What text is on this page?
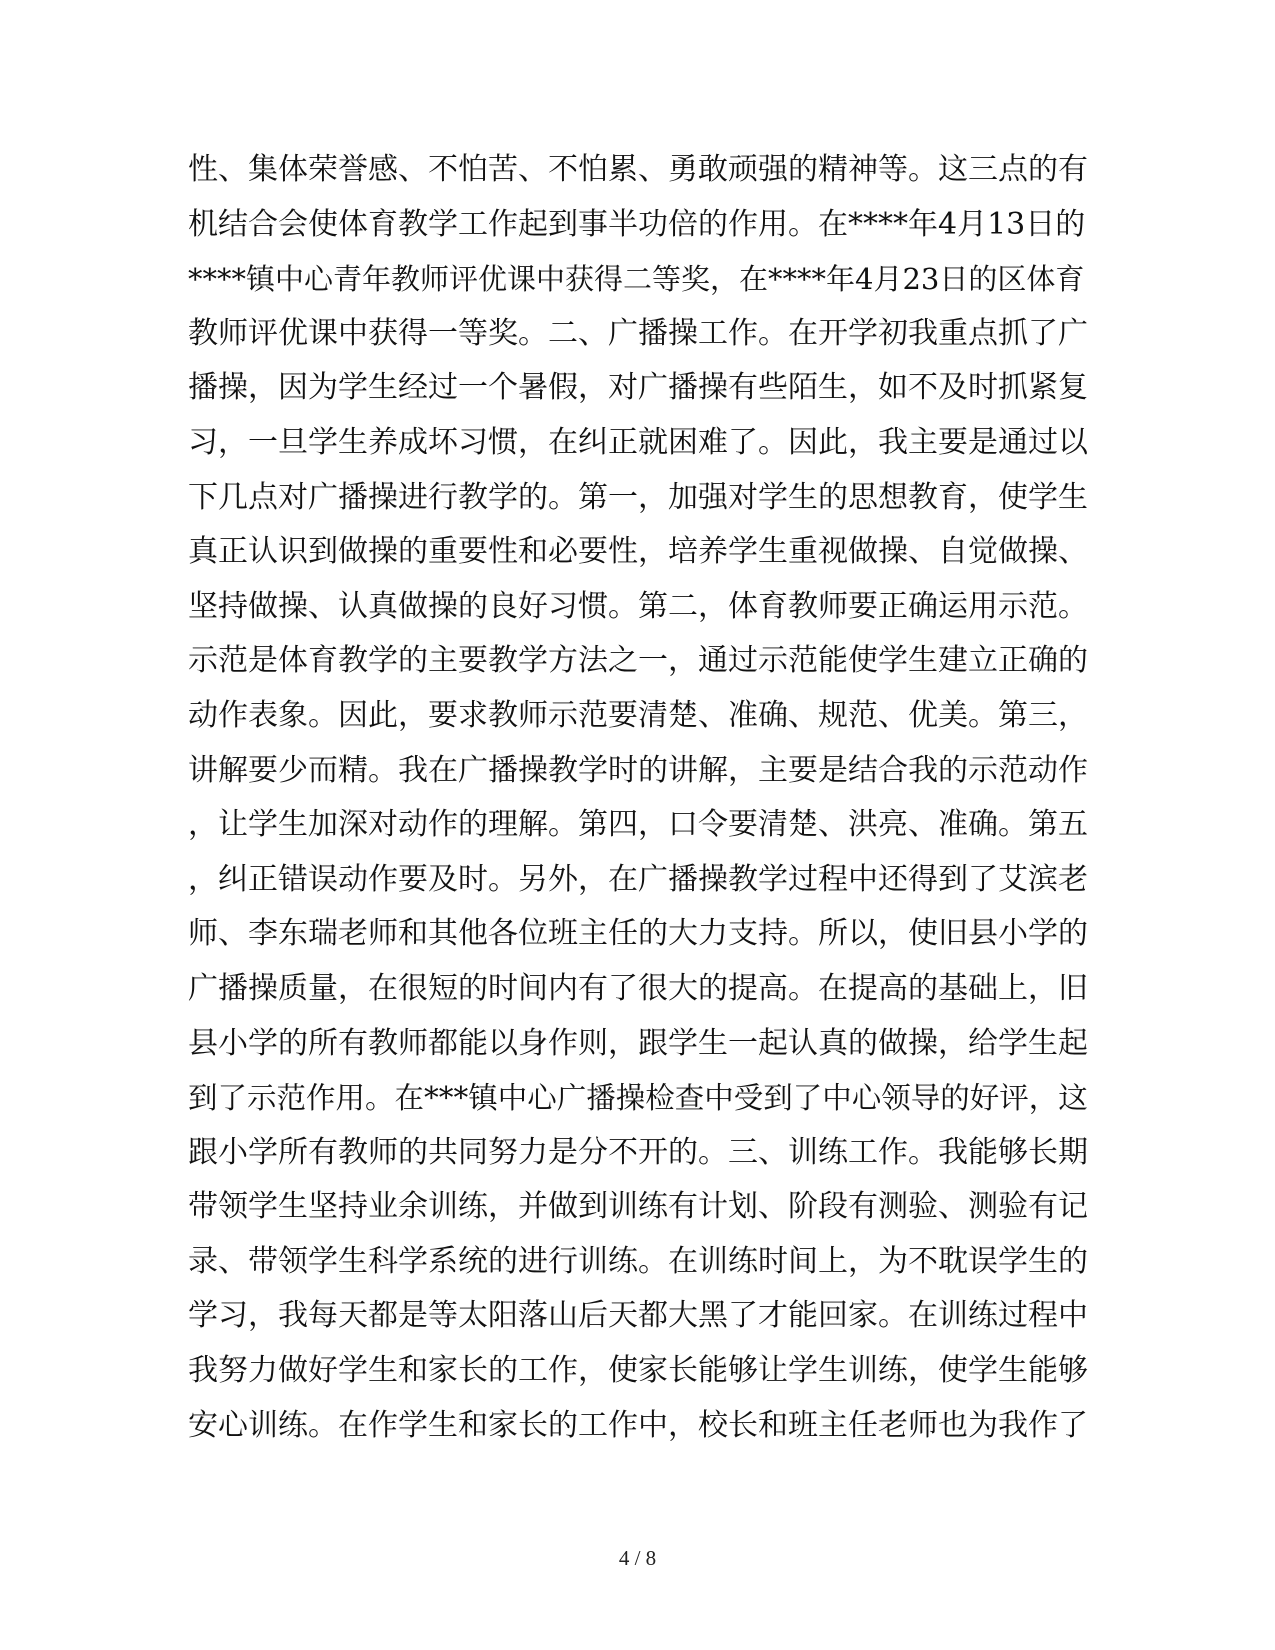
性、集体荣誉感、不怕苦、不怕累、勇敢顽强的精神等。这三点的有
机结合会使体育教学工作起到事半功倍的作用。在****年4月13日的
****镇中心青年教师评优课中获得二等奖，在****年4月23日的区体育
教师评优课中获得一等奖。二、广播操工作。在开学初我重点抓了广
播操，因为学生经过一个暑假，对广播操有些陌生，如不及时抓紧复
习，一旦学生养成坏习惯，在纠正就困难了。因此，我主要是通过以
下几点对广播操进行教学的。第一，加强对学生的思想教育，使学生
真正认识到做操的重要性和必要性，培养学生重视做操、自觉做操、
坚持做操、认真做操的良好习惯。第二，体育教师要正确运用示范。
示范是体育教学的主要教学方法之一，通过示范能使学生建立正确的
动作表象。因此，要求教师示范要清楚、准确、规范、优美。第三，
讲解要少而精。我在广播操教学时的讲解，主要是结合我的示范动作
，让学生加深对动作的理解。第四，口令要清楚、洪亮、准确。第五
，纠正错误动作要及时。另外，在广播操教学过程中还得到了艾滨老
师、李东瑞老师和其他各位班主任的大力支持。所以，使旧县小学的
广播操质量，在很短的时间内有了很大的提高。在提高的基础上，旧
县小学的所有教师都能以身作则，跟学生一起认真的做操，给学生起
到了示范作用。在***镇中心广播操检查中受到了中心领导的好评，这
跟小学所有教师的共同努力是分不开的。三、训练工作。我能够长期
带领学生坚持业余训练，并做到训练有计划、阶段有测验、测验有记
录、带领学生科学系统的进行训练。在训练时间上，为不耽误学生的
学习，我每天都是等太阳落山后天都大黑了才能回家。在训练过程中
我努力做好学生和家长的工作，使家长能够让学生训练，使学生能够
安心训练。在作学生和家长的工作中，校长和班主任老师也为我作了
4 / 8
